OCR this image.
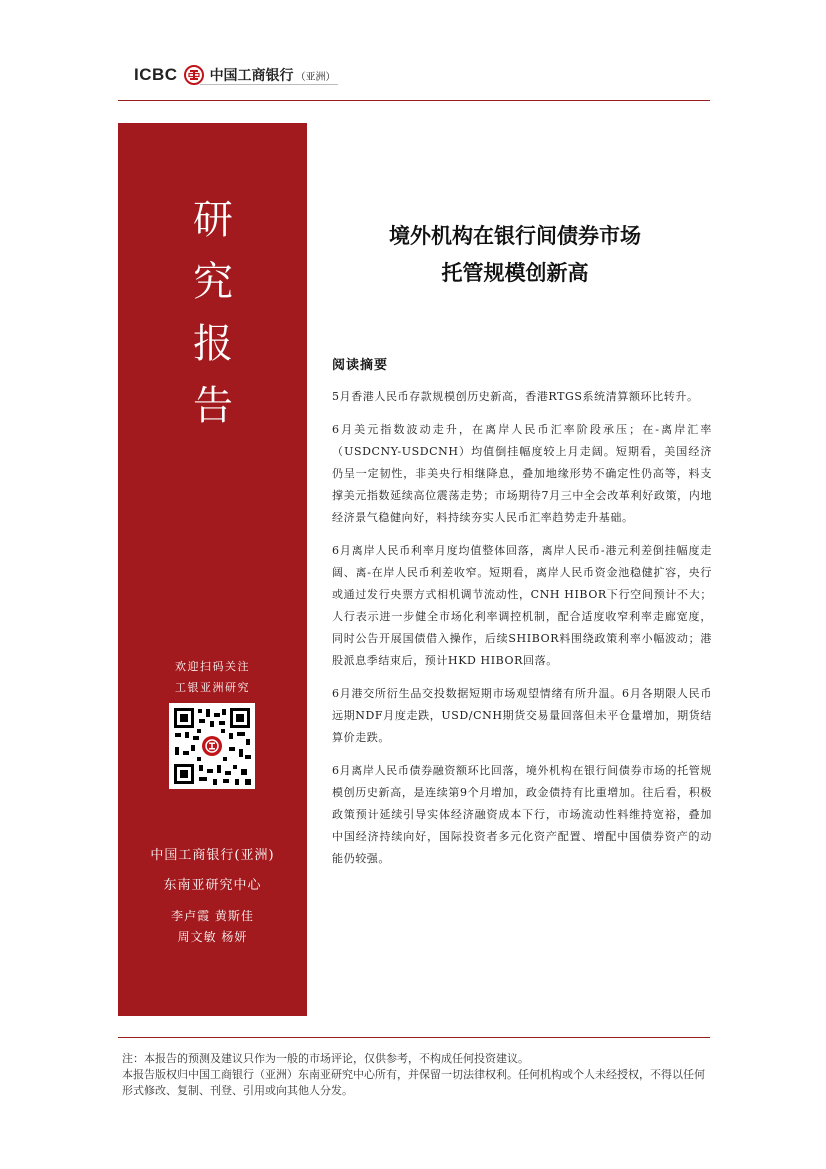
ICBC 中国工商银行 （亚洲）
研
究
报
告
欢迎扫码关注
工银亚洲研究
中国工商银行(亚洲)
东南亚研究中心
李卢霞 黄斯佳
周文敏 杨妍
境外机构在银行间债券市场
托管规模创新高
阅读摘要

5月香港人民币存款规模创历史新高，香港RTGS系统清算额环比转升。

6月美元指数波动走升，在离岸人民币汇率阶段承压；在-离岸汇率（USDCNY-USDCNH）均值倒挂幅度较上月走阔。短期看，美国经济仍呈一定韧性，非美央行相继降息，叠加地缘形势不确定性仍高等，料支撑美元指数延续高位震荡走势；市场期待7月三中全会改革利好政策，内地经济景气稳健向好，料持续夯实人民币汇率趋势走升基础。

6月离岸人民币利率月度均值整体回落，离岸人民币-港元利差倒挂幅度走阔、离-在岸人民币利差收窄。短期看，离岸人民币资金池稳健扩容，央行或通过发行央票方式相机调节流动性，CNH HIBOR下行空间预计不大；人行表示进一步健全市场化利率调控机制，配合适度收窄利率走廊宽度，同时公告开展国债借入操作，后续SHIBOR料围绕政策利率小幅波动；港股派息季结束后，预计HKD HIBOR回落。

6月港交所衍生品交投数据短期市场观望情绪有所升温。6月各期限人民币远期NDF月度走跌，USD/CNH期货交易量回落但未平仓量增加，期货结算价走跌。

6月离岸人民币债券融资额环比回落，境外机构在银行间债券市场的托管规模创历史新高，是连续第9个月增加，政金债持有比重增加。往后看，积极政策预计延续引导实体经济融资成本下行，市场流动性料维持宽裕，叠加中国经济持续向好，国际投资者多元化资产配置、增配中国债券资产的动能仍较强。

注：本报告的预测及建议只作为一般的市场评论，仅供参考，不构成任何投资建议。
本报告版权归中国工商银行（亚洲）东南亚研究中心所有，并保留一切法律权利。任何机构或个人未经授权，不得以任何形式修改、复制、刊登、引用或向其他人分发。
